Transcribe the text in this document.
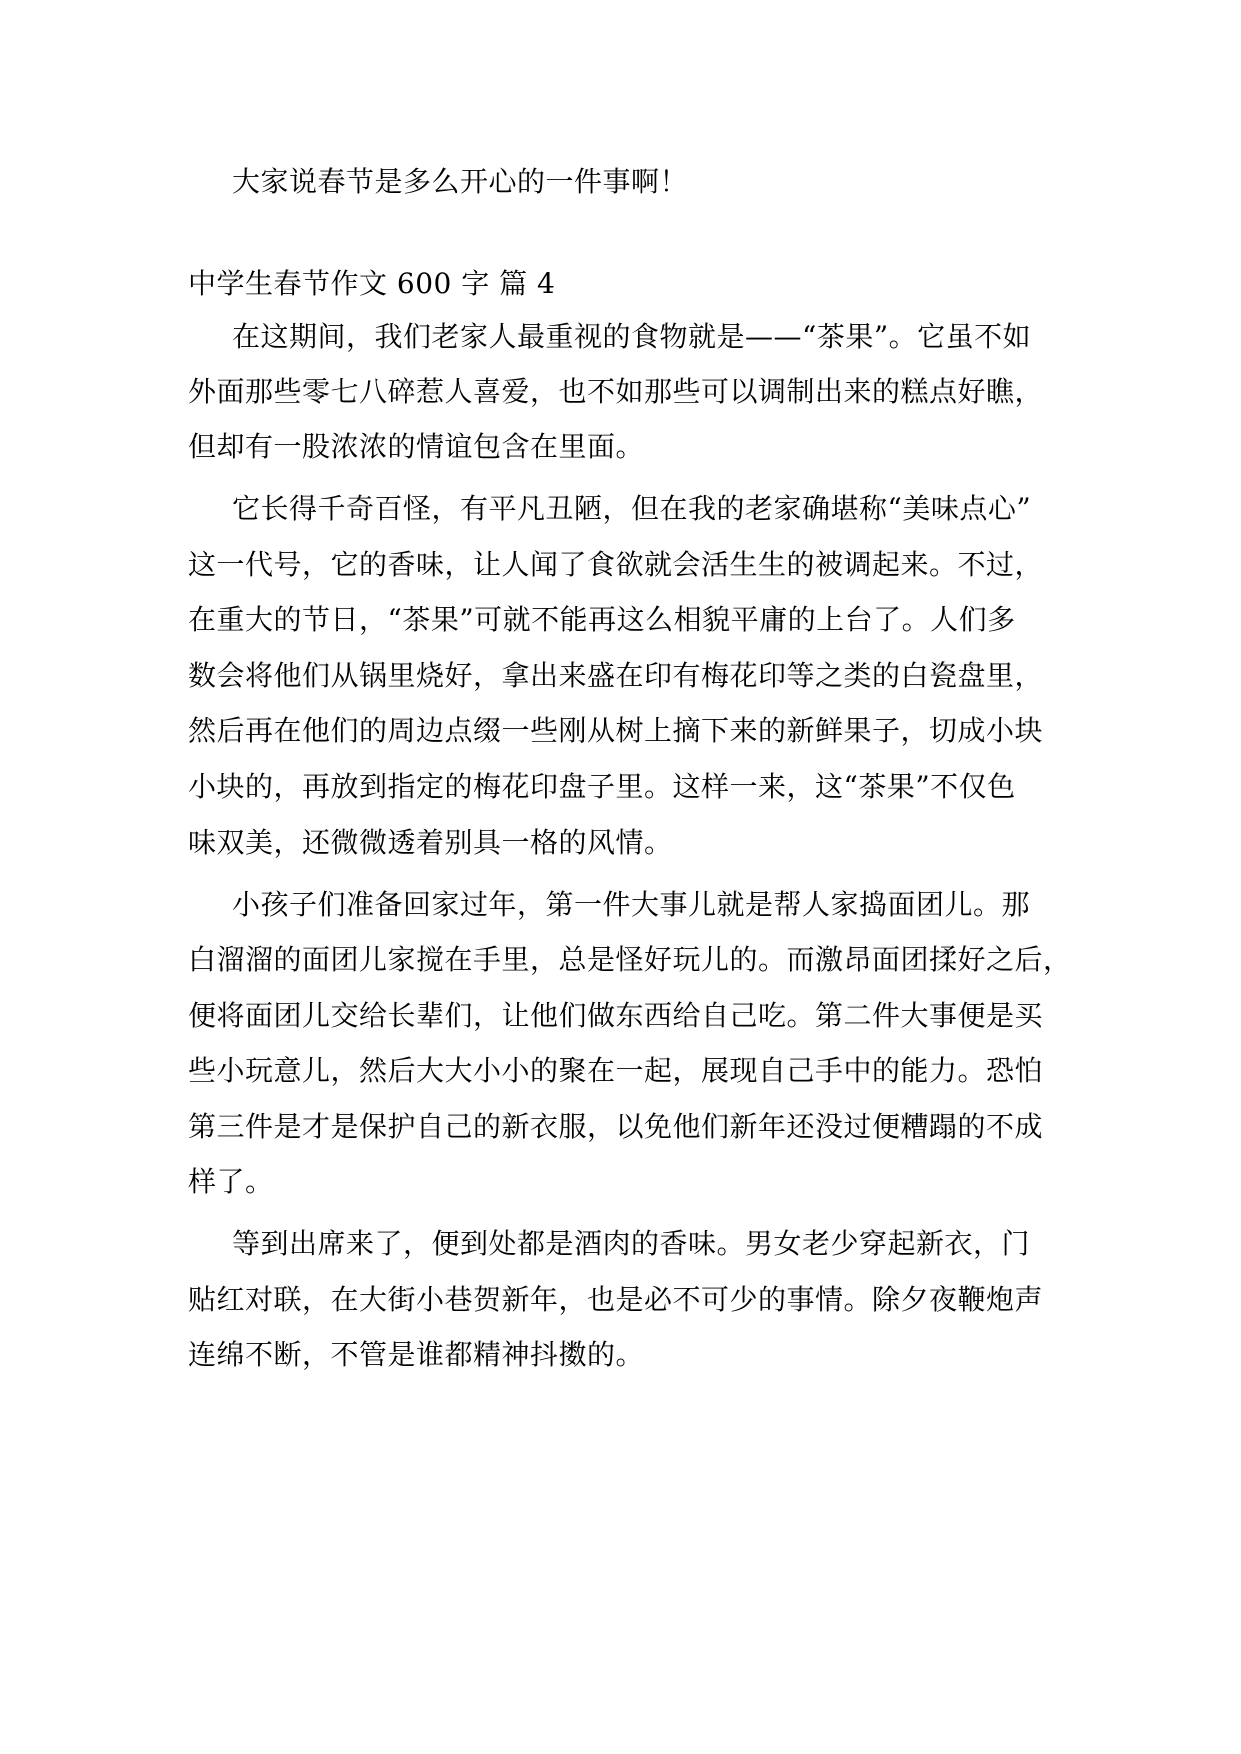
大家说春节是多么开心的一件事啊！
中学生春节作文 600 字 篇 4
在这期间，我们老家人最重视的食物就是——“茶果”。它虽不如
外面那些零七八碎惹人喜爱，也不如那些可以调制出来的糕点好瞧，
但却有一股浓浓的情谊包含在里面。
它长得千奇百怪，有平凡丑陋，但在我的老家确堪称“美味点心”
这一代号，它的香味，让人闻了食欲就会活生生的被调起来。不过，
在重大的节日，“茶果”可就不能再这么相貌平庸的上台了。人们多
数会将他们从锅里烧好，拿出来盛在印有梅花印等之类的白瓷盘里，
然后再在他们的周边点缀一些刚从树上摘下来的新鲜果子，切成小块
小块的，再放到指定的梅花印盘子里。这样一来，这“茶果”不仅色
味双美，还微微透着别具一格的风情。
小孩子们准备回家过年，第一件大事儿就是帮人家捣面团儿。那
白溜溜的面团儿家搅在手里，总是怪好玩儿的。而激昂面团揉好之后，
便将面团儿交给长辈们，让他们做东西给自己吃。第二件大事便是买
些小玩意儿，然后大大小小的聚在一起，展现自己手中的能力。恐怕
第三件是才是保护自己的新衣服，以免他们新年还没过便糟蹋的不成
样了。
等到出席来了，便到处都是酒肉的香味。男女老少穿起新衣，门
贴红对联，在大街小巷贺新年，也是必不可少的事情。除夕夜鞭炮声
连绵不断，不管是谁都精神抖擞的。
